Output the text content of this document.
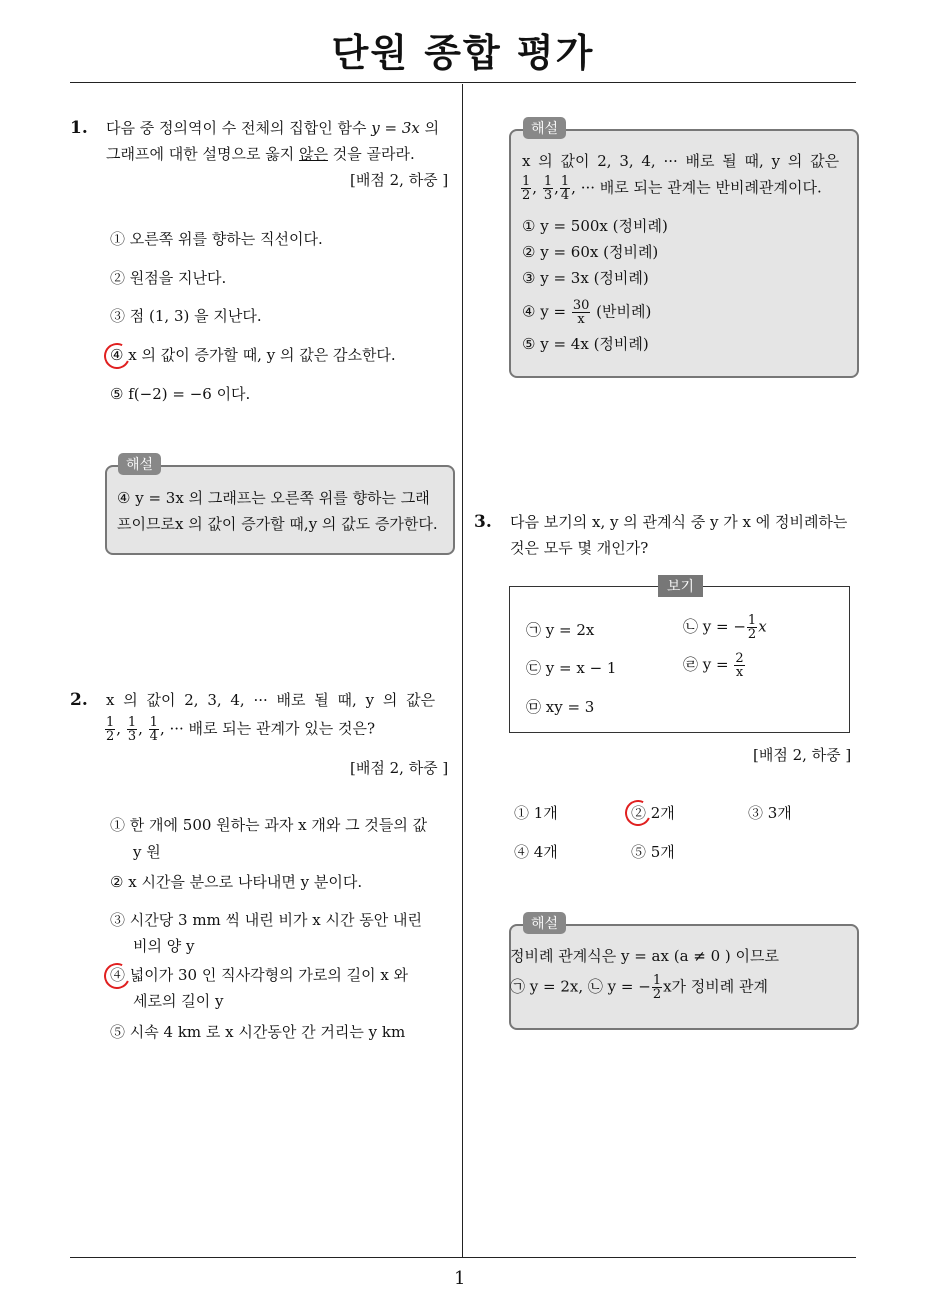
단원 종합 평가
1
1. 다음 중 정의역이 수 전체의 집합인 함수 y = 3x 의
그래프에 대한 설명으로 옳지 않은 것을 골라라.
[배점 2, 하중 ]
① 오른쪽 위를 향하는 직선이다.
② 원점을 지난다.
③ 점 (1, 3) 을 지난다.
④ x 의 값이 증가할 때, y 의 값은 감소한다.
⑤ f(−2) = −6 이다.
해설
④ y = 3x 의 그래프는 오른쪽 위를 향하는 그래
프이므로x 의 값이 증가할 때,y 의 값도 증가한다.
2. x 의 값이 2, 3, 4, ··· 배로 될 때, y 의 값은
$\frac{1}{2}$ , $\frac{1}{3}$ , $\frac{1}{4}$ , ··· 배로 되는 관계가 있는 것은?
[배점 2, 하중 ]
① 한 개에 500 원하는 과자 x 개와 그 것들의 값
y 원
② x 시간을 분으로 나타내면 y 분이다.
③ 시간당 3 mm 씩 내린 비가 x 시간 동안 내린
비의 양 y
④ 넓이가 30 인 직사각형의 가로의 길이 x 와
세로의 길이 y
⑤ 시속 4 km 로 x 시간동안 간 거리는 y km
해설
x 의 값이 2, 3, 4, ··· 배로 될 때, y 의 값은
$\frac{1}{2}$ , $\frac{1}{3}$ , $\frac{1}{4}$ , ··· 배로 되는 관계는 반비례관계이다.
① y = 500x (정비례)
② y = 60x (정비례)
③ y = 3x (정비례)
④ $y = \frac{30}{x}$ (반비례)
⑤ y = 4x (정비례)
3. 다음 보기의 x, y 의 관계식 중 y 가 x 에 정비례하는
것은 모두 몇 개인가?
보기
㉠ y = 2x	㉡ y = − $\frac{1}{2}$ x
㉢ y = x − 1	㉣ $y = \frac{2}{x}$
㉤ xy = 3
[배점 2, 하중 ]
① 1개	② 2개	③ 3개
④ 4개	⑤ 5개
해설
정비례 관계식은 y = ax (a ≠ 0 ) 이므로
㉠ y = 2x, ㉡ y = − $\frac{1}{2}$ x가 정비례 관계
